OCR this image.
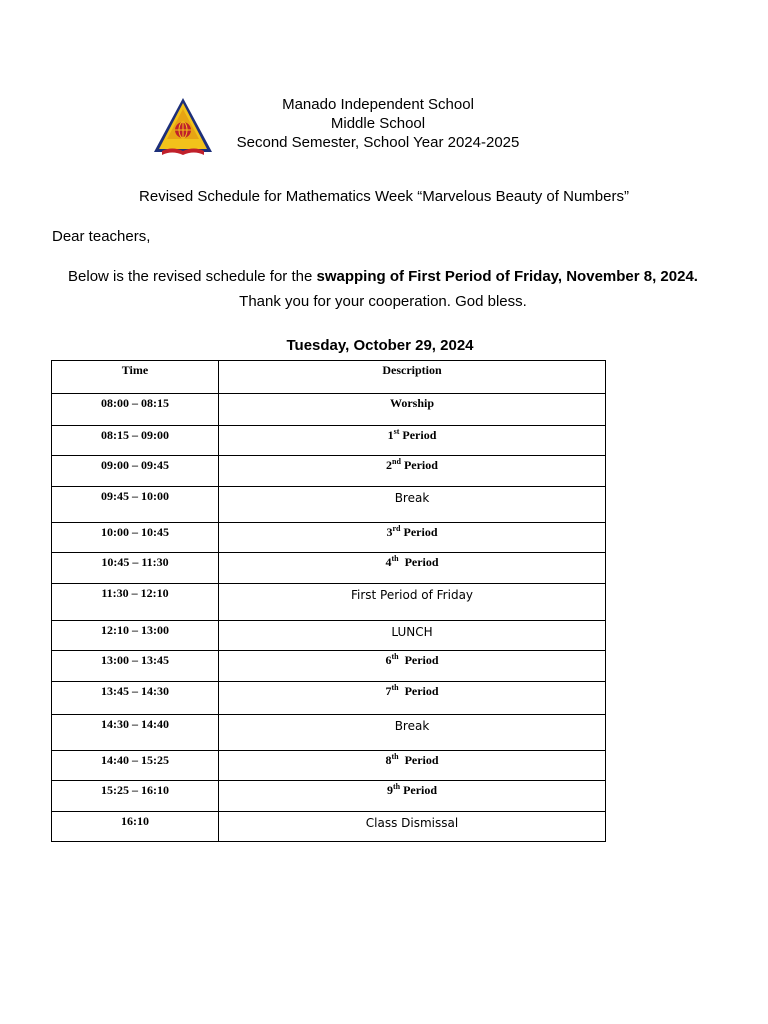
Manado Independent School
Middle School
Second Semester, School Year 2024-2025
Revised Schedule for Mathematics Week “Marvelous Beauty of Numbers”
Dear teachers,
Below is the revised schedule for the swapping of First Period of Friday, November 8, 2024. Thank you for your cooperation. God bless.
Tuesday, October 29, 2024
Time	Description
08:00 – 08:15	Worship
08:15 – 09:00	1st Period
09:00 – 09:45	2nd Period
09:45 – 10:00	Break
10:00 – 10:45	3rd Period
10:45 – 11:30	4th  Period
11:30 – 12:10	First Period of Friday
12:10 – 13:00	LUNCH
13:00 – 13:45	6th  Period
13:45 – 14:30	7th  Period
14:30 – 14:40	Break
14:40 – 15:25	8th  Period
15:25 – 16:10	9th Period
16:10	Class Dismissal
